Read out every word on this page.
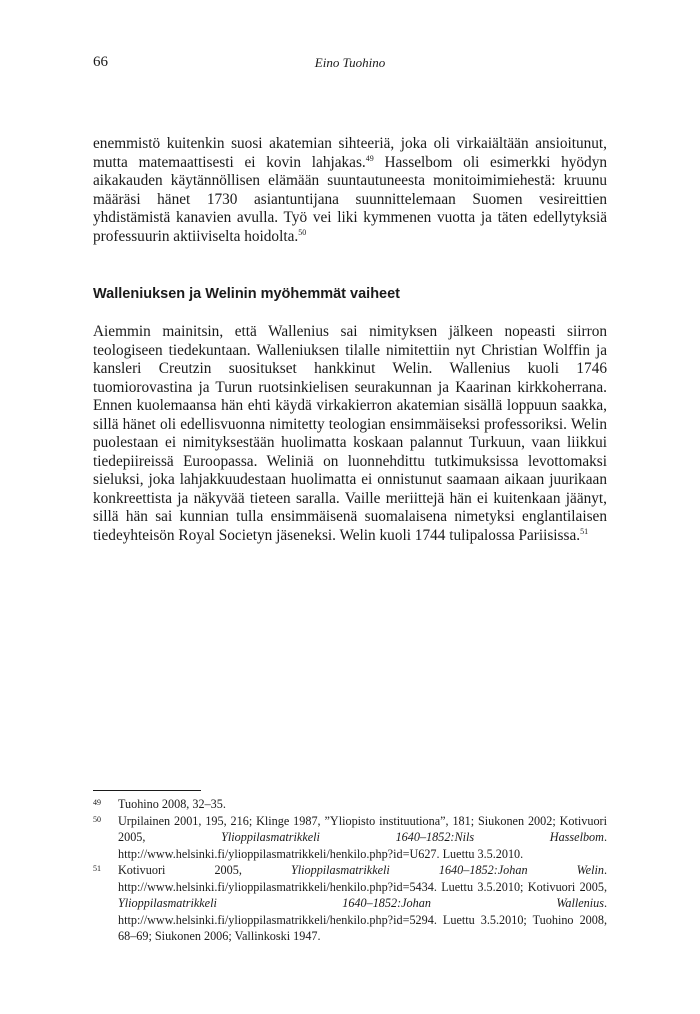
66	Eino Tuohino

enemmistö kuitenkin suosi akatemian sihteeriä, joka oli virkaiältään ansioitunut, mutta matemaattisesti ei kovin lahjakas.$^{49}$ Hasselbom oli esimerkki hyödyn aikakauden käytännöllisen elämään suuntautuneesta monitoimimiehestä: kruunu määräsi hänet 1730 asiantuntijana suunnittelemaan Suomen vesireittien yhdistämistä kanavien avulla. Työ vei liki kymmenen vuotta ja täten edellytyksiä professuurin aktiiviselta hoidolta.$^{50}$

Walleniuksen ja Welinin myöhemmät vaiheet

Aiemmin mainitsin, että Wallenius sai nimityksen jälkeen nopeasti siirron teologiseen tiedekuntaan. Walleniuksen tilalle nimitettiin nyt Christian Wolffin ja kansleri Creutzin suositukset hankkinut Welin. Wallenius kuoli 1746 tuomiorovastina ja Turun ruotsinkielisen seurakunnan ja Kaarinan kirkkoherrana. Ennen kuolemaansa hän ehti käydä virkakierron akatemian sisällä loppuun saakka, sillä hänet oli edellisvuonna nimitetty teologian ensimmäiseksi professoriksi. Welin puolestaan ei nimityksestään huolimatta koskaan palannut Turkuun, vaan liikkui tiedepiireissä Euroopassa. Weliniä on luonnehdittu tutkimuksissa levottomaksi sieluksi, joka lahjakkuudestaan huolimatta ei onnistunut saamaan aikaan juurikaan konkreettista ja näkyvää tieteen saralla. Vaille meriittejä hän ei kuitenkaan jäänyt, sillä hän sai kunnian tulla ensimmäisenä suomalaisena nimetyksi englantilaisen tiedeyhteisön Royal Societyn jäseneksi. Welin kuoli 1744 tulipalossa Pariisissa.$^{51}$

49 Tuohino 2008, 32–35.

50 Urpilainen 2001, 195, 216; Klinge 1987, ”Yliopisto instituutiona”, 181; Siukonen 2002; Kotivuori 2005, Ylioppilasmatrikkeli 1640–1852:Nils Hasselbom. http://www.helsinki.fi/ylioppilasmatrikkeli/henkilo.php?id=U627. Luettu 3.5.2010.

51 Kotivuori 2005, Ylioppilasmatrikkeli 1640–1852:Johan Welin. http://www.helsinki.fi/ylioppilasmatrikkeli/henkilo.php?id=5434. Luettu 3.5.2010; Kotivuori 2005, Ylioppilasmatrikkeli 1640–1852:Johan Wallenius. http://www.helsinki.fi/ylioppilasmatrikkeli/henkilo.php?id=5294. Luettu 3.5.2010; Tuohino 2008, 68–69; Siukonen 2006; Vallinkoski 1947.
